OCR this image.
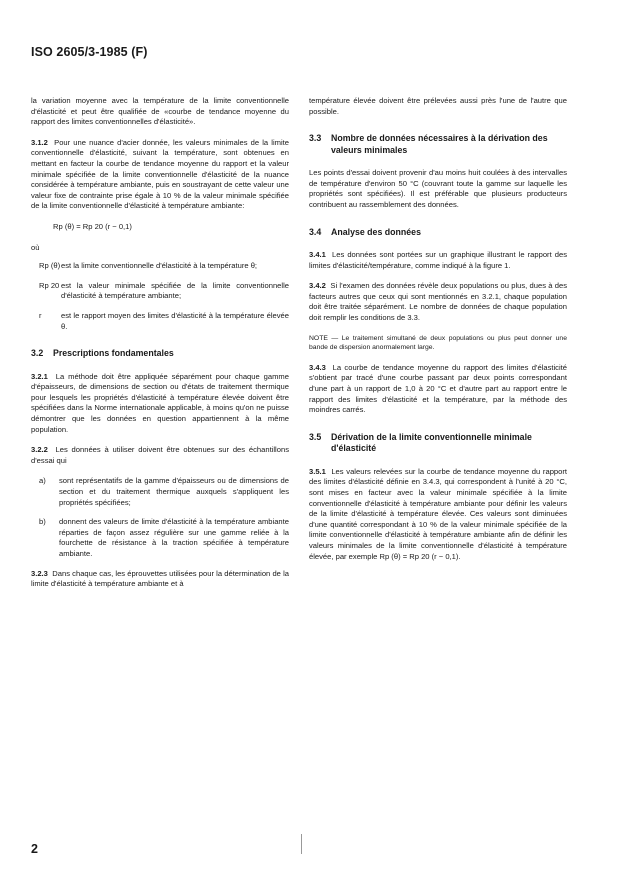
ISO 2605/3-1985 (F)

la variation moyenne avec la température de la limite conventionnelle d'élasticité et peut être qualifiée de «courbe de tendance moyenne du rapport des limites conventionnelles d'élasticité».

3.1.2 Pour une nuance d'acier donnée, les valeurs minimales de la limite conventionnelle d'élasticité, suivant la température, sont obtenues en mettant en facteur la courbe de tendance moyenne du rapport et la valeur minimale spécifiée de la limite conventionnelle d'élasticité de la nuance considérée à température ambiante, puis en soustrayant de cette valeur une valeur fixe de contrainte prise égale à 10 % de la valeur minimale spécifiée de la limite conventionnelle d'élasticité à température ambiante:

Rp (θ) = Rp 20 (r − 0,1)
où
Rp (θ) est la limite conventionnelle d'élasticité à la température θ;
Rp 20 est la valeur minimale spécifiée de la limite conventionnelle d'élasticité à température ambiante;
r	est le rapport moyen des limites d'élasticité à la température élevée θ.
3.2	Prescriptions fondamentales

3.2.1 La méthode doit être appliquée séparément pour chaque gamme d'épaisseurs, de dimensions de section ou d'états de traitement thermique pour lesquels les propriétés d'élasticité à température élevée doivent être spécifiées dans la Norme internationale applicable, à moins qu'on ne puisse démontrer que les données en question appartiennent à la même population.

3.2.2 Les données à utiliser doivent être obtenues sur des échantillons d'essai qui

a)	sont représentatifs de la gamme d'épaisseurs ou de dimensions de section et du traitement thermique auxquels s'appliquent les propriétés spécifiées;
b)	donnent des valeurs de limite d'élasticité à la température ambiante réparties de façon assez régulière sur une gamme reliée à la fourchette de résistance à la traction spécifiée à température ambiante.

3.2.3 Dans chaque cas, les éprouvettes utilisées pour la détermination de la limite d'élasticité à température ambiante et à

température élevée doivent être prélevées aussi près l'une de l'autre que possible.

3.3	Nombre de données nécessaires à la dérivation des valeurs minimales

Les points d'essai doivent provenir d'au moins huit coulées à des intervalles de température d'environ 50 °C (couvrant toute la gamme sur laquelle les propriétés sont spécifiées). Il est préférable que plusieurs producteurs contribuent au rassemblement des données.

3.4	Analyse des données

3.4.1 Les données sont portées sur un graphique illustrant le rapport des limites d'élasticité/température, comme indiqué à la figure 1.

3.4.2 Si l'examen des données révèle deux populations ou plus, dues à des facteurs autres que ceux qui sont mentionnés en 3.2.1, chaque population doit être traitée séparément. Le nombre de données de chaque population doit remplir les conditions de 3.3.

NOTE — Le traitement simultané de deux populations ou plus peut donner une bande de dispersion anormalement large.

3.4.3 La courbe de tendance moyenne du rapport des limites d'élasticité s'obtient par tracé d'une courbe passant par deux points correspondant d'une part à un rapport de 1,0 à 20 °C et d'autre part au rapport entre le rapport des limites d'élasticité et la température, par la méthode des moindres carrés.

3.5	Dérivation de la limite conventionnelle minimale d'élasticité

3.5.1 Les valeurs relevées sur la courbe de tendance moyenne du rapport des limites d'élasticité définie en 3.4.3, qui correspondent à l'unité à 20 °C, sont mises en facteur avec la valeur minimale spécifiée à la limite conventionnelle d'élasticité à température ambiante pour définir les valeurs de la limite d'élasticité à température élevée. Ces valeurs sont diminuées d'une quantité correspondant à 10 % de la valeur minimale spécifiée de la limite conventionnelle d'élasticité à température ambiante afin de définir les valeurs minimales de la limite conventionnelle d'élasticité à température élevée, par exemple Rp (θ) = Rp 20 (r − 0,1).

2
